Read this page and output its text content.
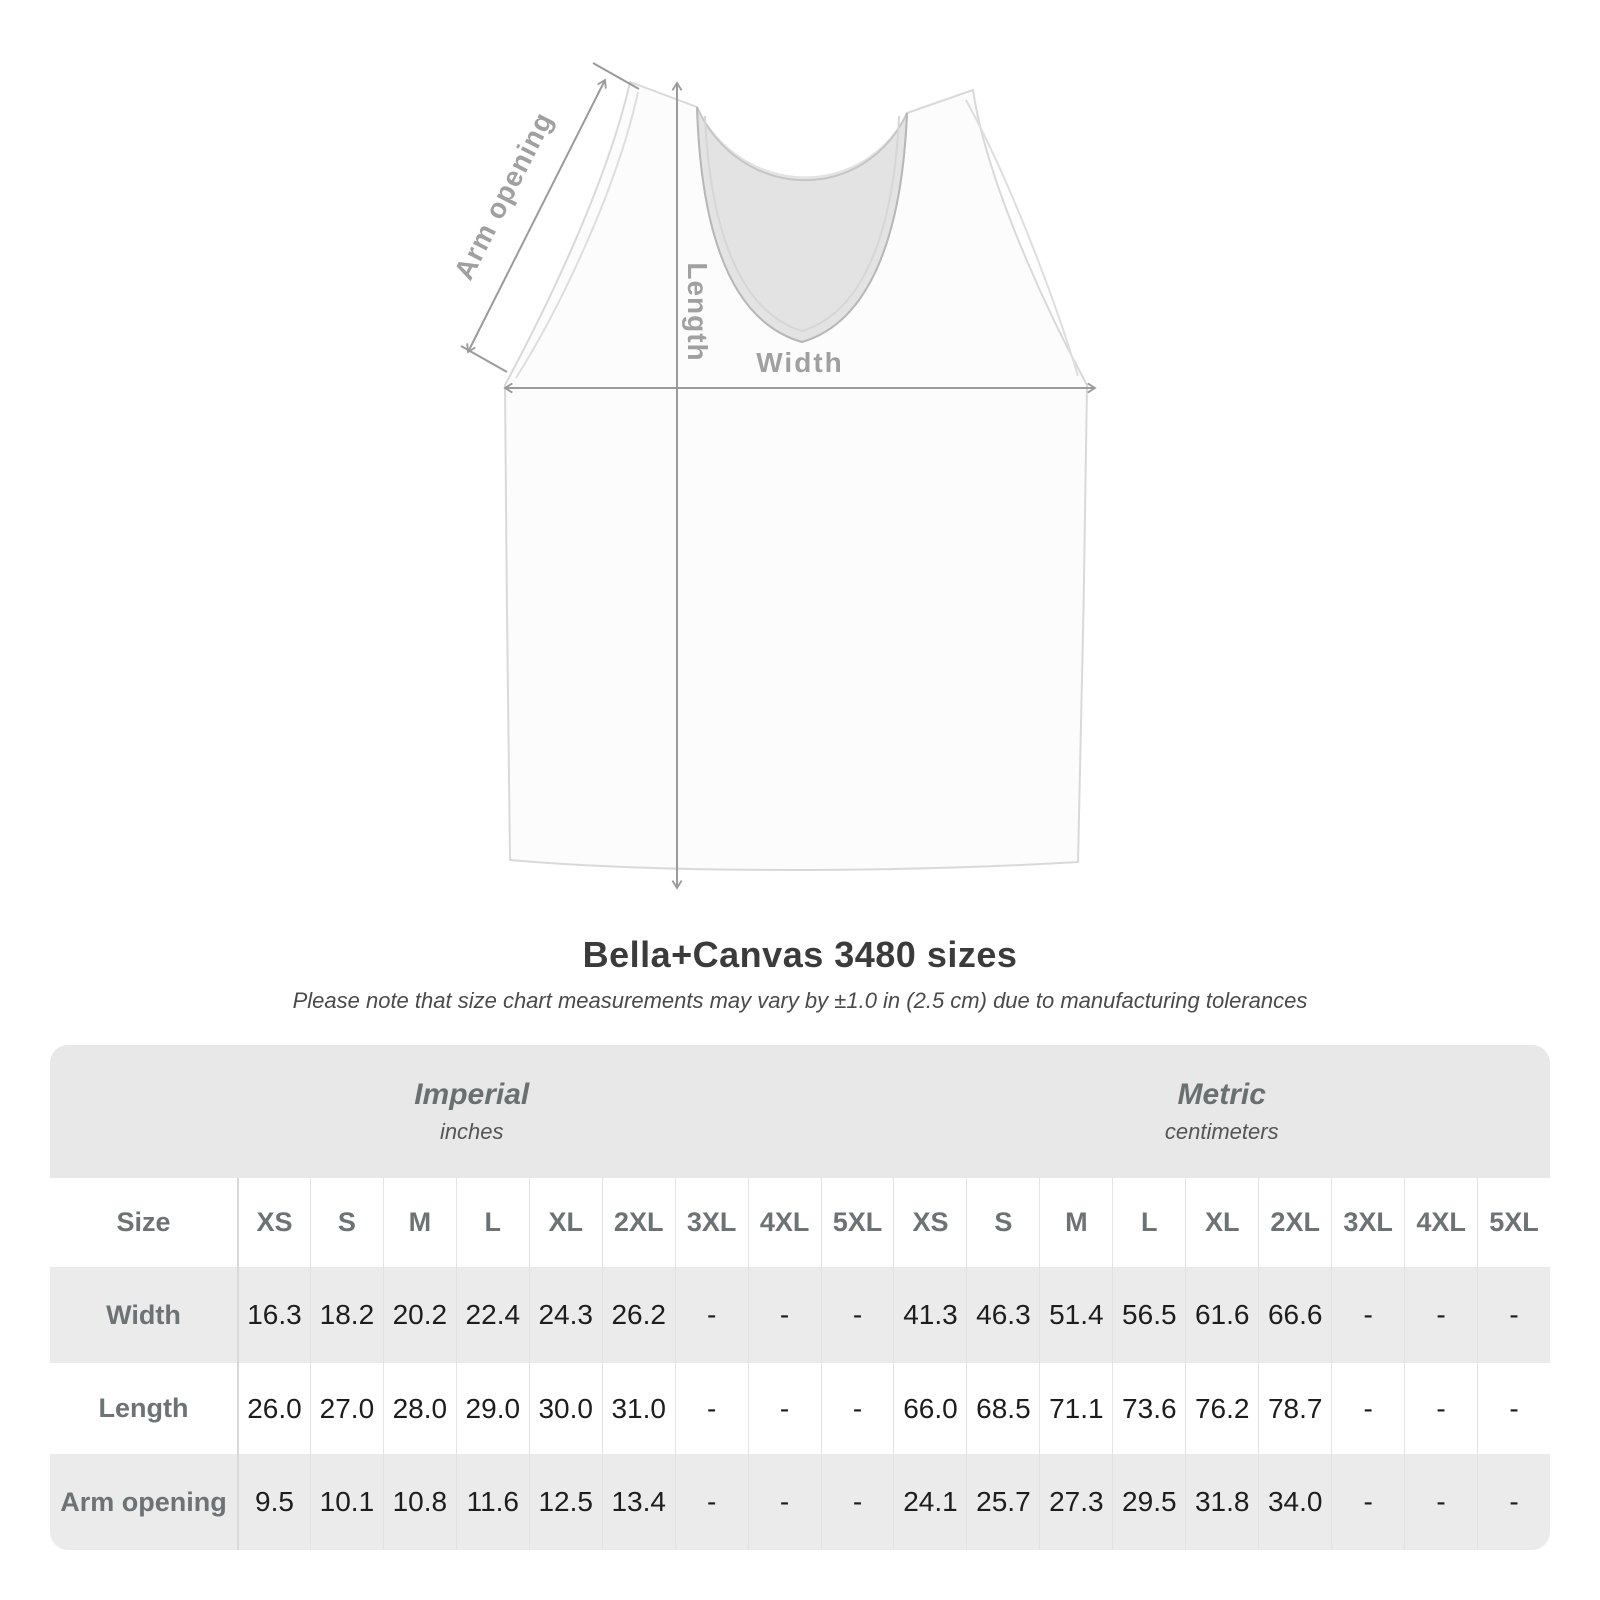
Arm opening
Length
Width
Bella+Canvas 3480 sizes
Please note that size chart measurements may vary by ±1.0 in (2.5 cm) due to manufacturing tolerances
Imperial
inches
Metric
centimeters
Size	XS	S	M	L	XL	2XL 3XL 4XL 5XL	XS	S	M	L	XL	2XL 3XL 4XL 5XL
Width	16.3 18.2 20.2 22.4 24.3 26.2	-	-	-	41.3 46.3 51.4 56.5 61.6 66.6	-	-	-
Length	26.0 27.0 28.0 29.0 30.0 31.0	-	-	-	66.0 68.5 71.1 73.6 76.2 78.7	-	-	-
Arm opening	9.5 10.1 10.8 11.6 12.5 13.4	-	-	-	24.1 25.7 27.3 29.5 31.8 34.0	-	-	-
